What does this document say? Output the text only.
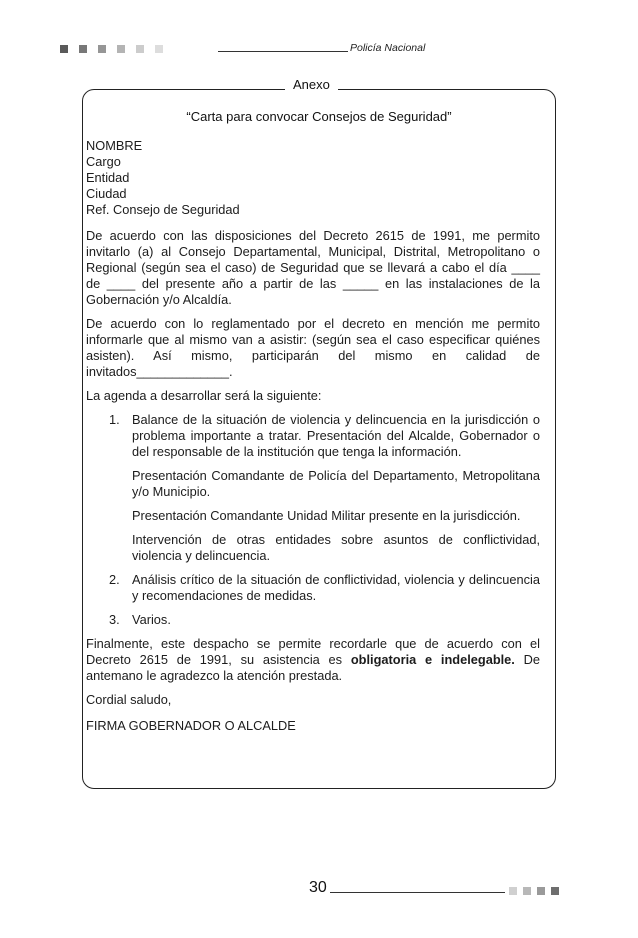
Policía Nacional
Anexo
“Carta para convocar Consejos de Seguridad”
NOMBRE
Cargo
Entidad
Ciudad
Ref. Consejo de Seguridad

De acuerdo con las disposiciones del Decreto 2615 de 1991, me permito invitarlo (a) al Consejo Departamental, Municipal, Distrital, Metropolitano o Regional (según sea el caso) de Seguridad que se llevará a cabo el día ____ de ____ del presente año a partir de las _____ en las instalaciones de la Gobernación y/o Alcaldía.

De acuerdo con lo reglamentado por el decreto en mención me permito informarle que al mismo van a asistir: (según sea el caso especificar quiénes asisten). Así mismo, participarán del mismo en calidad de invitados_____________.

La agenda a desarrollar será la siguiente:

1. Balance de la situación de violencia y delincuencia en la jurisdicción o problema importante a tratar. Presentación del Alcalde, Gobernador o del responsable de la institución que tenga la información.
Presentación Comandante de Policía del Departamento, Metropolitana y/o Municipio.
Presentación Comandante Unidad Militar presente en la jurisdicción.
Intervención de otras entidades sobre asuntos de conflictividad, violencia y delincuencia.
2. Análisis crítico de la situación de conflictividad, violencia y delincuencia y recomendaciones de medidas.
3. Varios.

Finalmente, este despacho se permite recordarle que de acuerdo con el Decreto 2615 de 1991, su asistencia es obligatoria e indelegable. De antemano le agradezco la atención prestada.

Cordial saludo,

FIRMA GOBERNADOR O ALCALDE

30
